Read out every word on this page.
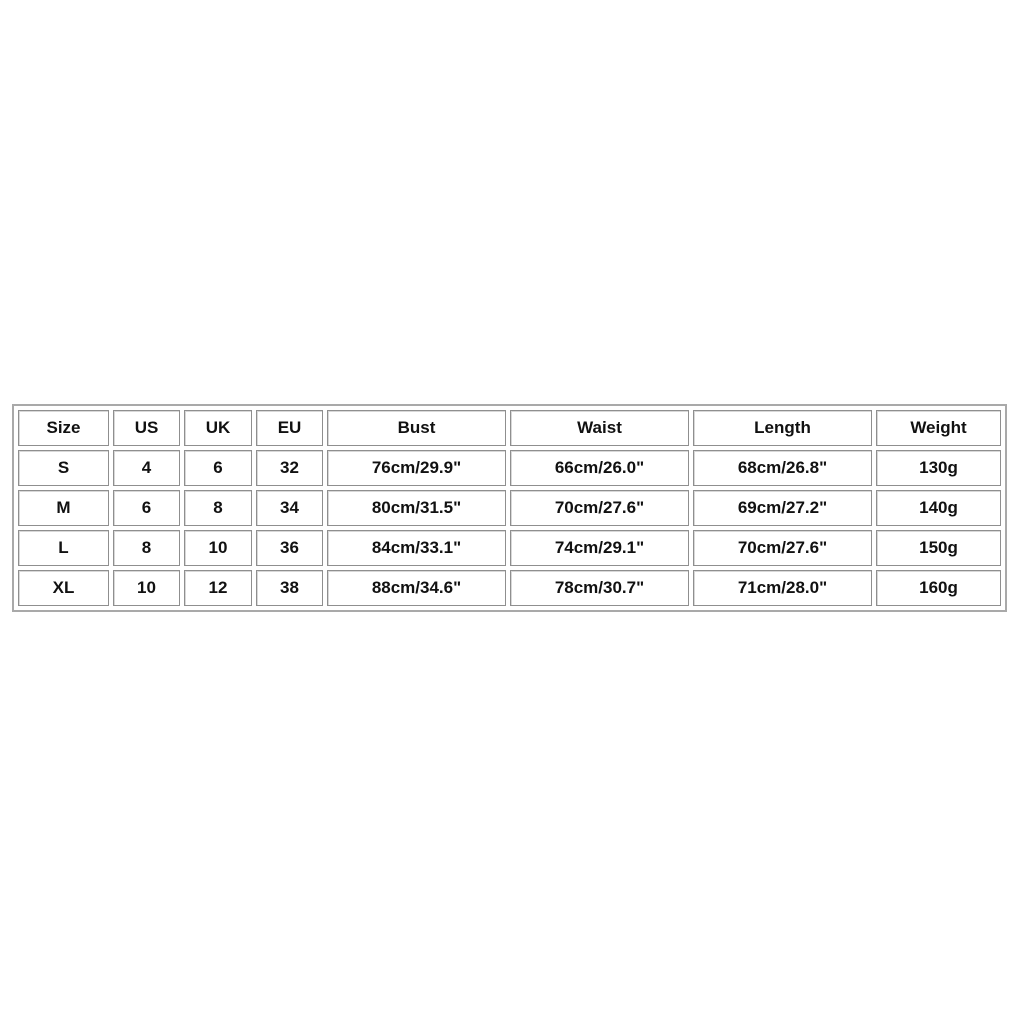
Size	US	UK	EU	Bust	Waist	Length	Weight
S	4	6	32	76cm/29.9"	66cm/26.0"	68cm/26.8"	130g
M	6	8	34	80cm/31.5"	70cm/27.6"	69cm/27.2"	140g
L	8	10	36	84cm/33.1"	74cm/29.1"	70cm/27.6"	150g
XL	10	12	38	88cm/34.6"	78cm/30.7"	71cm/28.0"	160g
